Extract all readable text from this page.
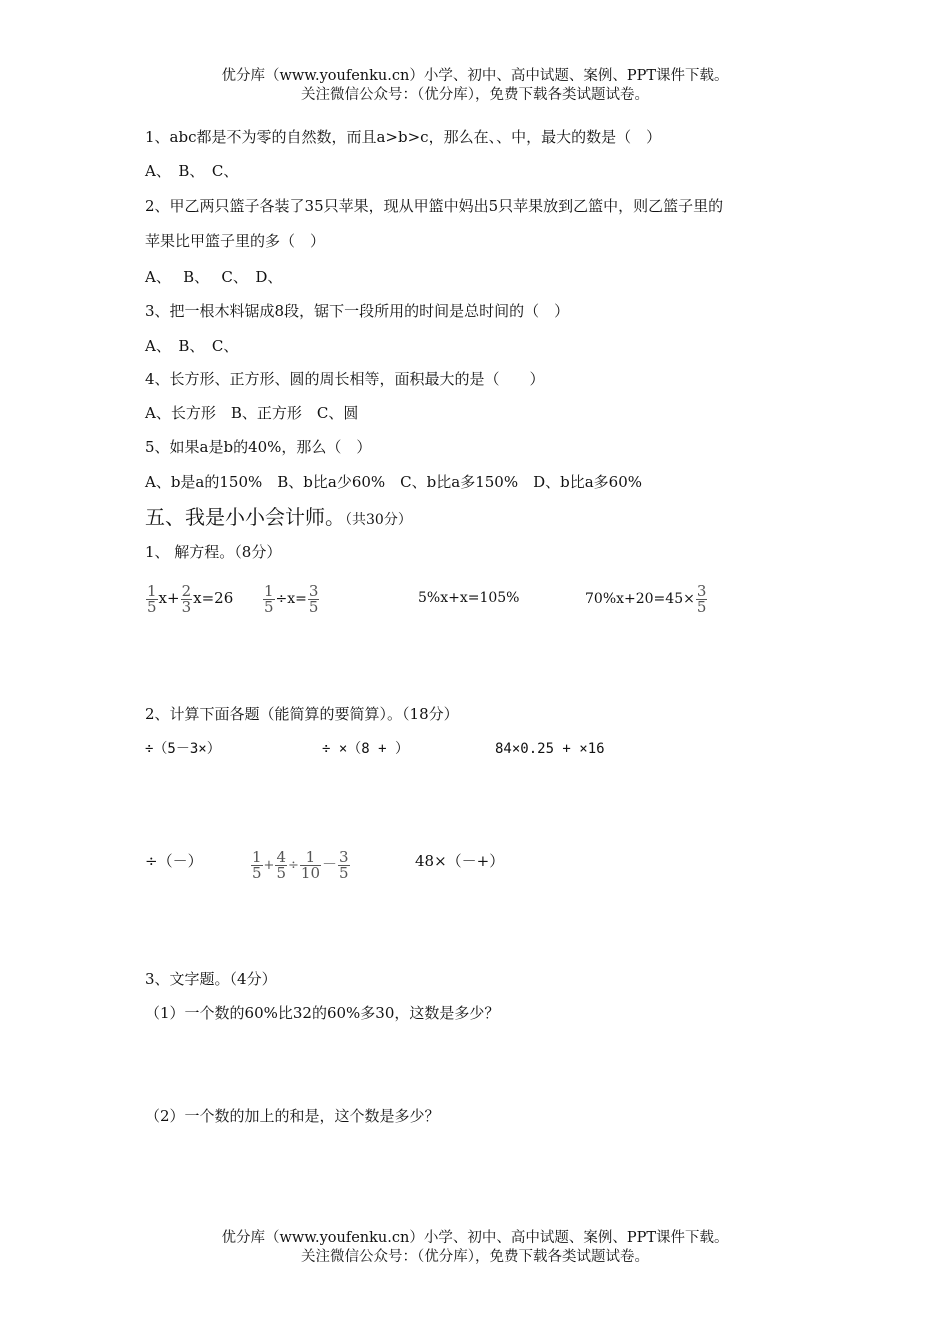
优分库（www.youfenku.cn）小学、初中、高中试题、案例、PPT课件下载。
关注微信公众号：（优分库），免费下载各类试题试卷。
1、abc都是不为零的自然数，而且a>b>c，那么在、、中，最大的数是（　）
A、　B、　C、
2、甲乙两只篮子各装了35只苹果，现从甲篮中妈出5只苹果放到乙篮中，则乙篮子里的
苹果比甲篮子里的多（　）
A、　 B、　 C、　D、
3、把一根木料锯成8段，锯下一段所用的时间是总时间的（　）
A、　B、　C、
4、长方形、正方形、圆的周长相等，面积最大的是（　　）
A、长方形　B、正方形　C、圆
5、如果a是b的40%，那么（　）
A、b是a的150%　B、b比a少60%　C、b比a多150%　D、b比a多60%
五、我是小小会计师。（共30分）
1、 解方程。（8分）
$\frac{1}{5} x+ \frac{2}{3} x=26 \frac{1}{5} \div x= \frac{3}{5}$	5%x+x=105%	$70\%x+20=45\times \frac{3}{5}$
2、计算下面各题（能简算的要简算）。（18分）
÷（5－3×）	÷ ×（8 + ）	84×0.25 + ×16
÷（－）	$\frac{1}{5} + \frac{4}{5} \div \frac{1}{10} - \frac{3}{5}$	48×（－+）
3、文字题。（4分）
（1）一个数的60%比32的60%多30，这数是多少？
（2）一个数的加上的和是，这个数是多少？
优分库（www.youfenku.cn）小学、初中、高中试题、案例、PPT课件下载。
关注微信公众号：（优分库），免费下载各类试题试卷。
